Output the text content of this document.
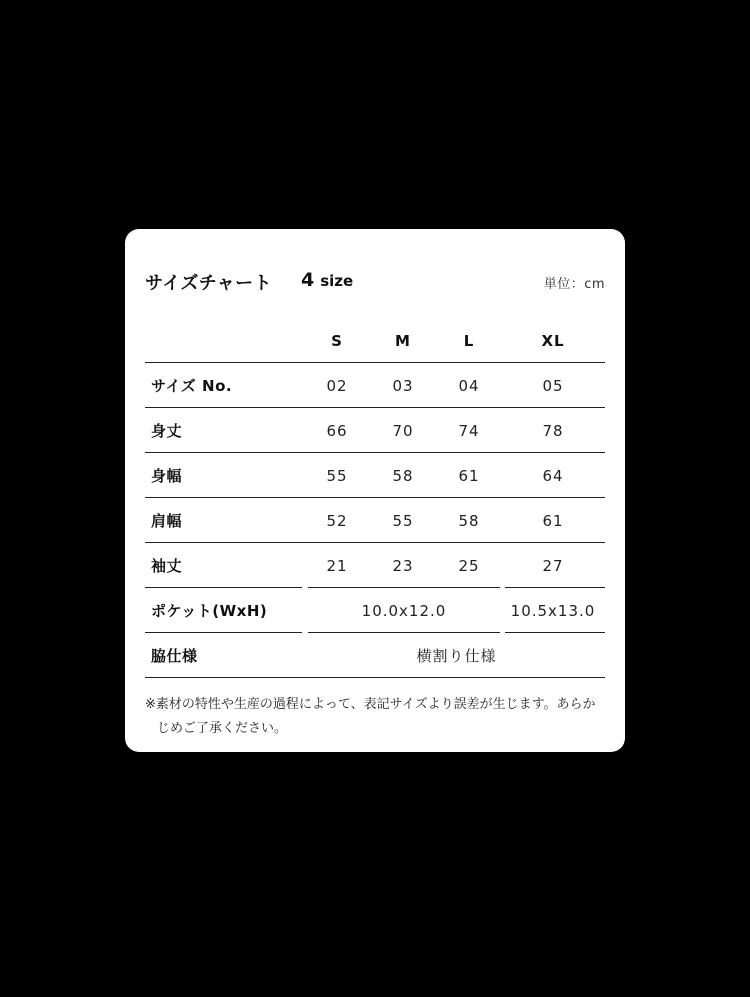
サイズチャート 4 size	単位：cm
S	M	L	XL
サイズ No.	02	03	04	05
身丈	66	70	74	78
身幅	55	58	61	64
肩幅	52	55	58	61
袖丈	21	23	25	27
ポケット(WxH)	10.0x12.0	10.5x13.0
脇仕様	横割り仕様
※素材の特性や生産の過程によって、表記サイズより誤差が生じます。あらかじめご了承ください。
